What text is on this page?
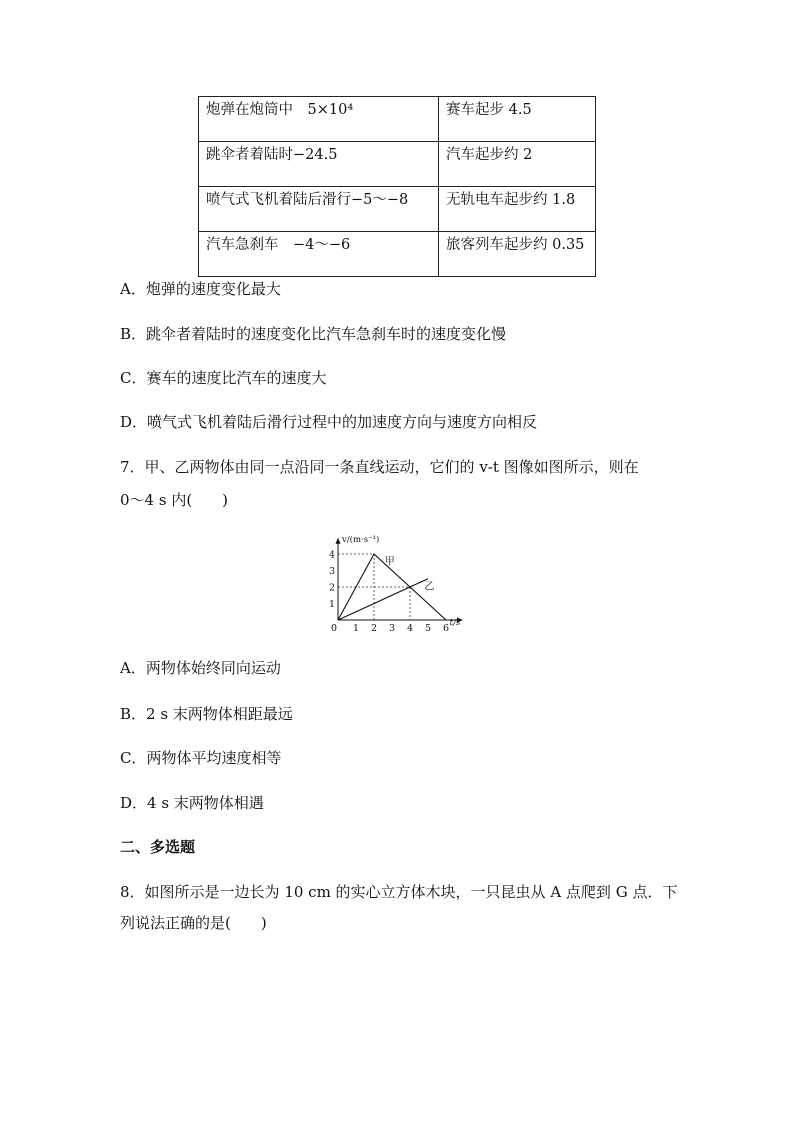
炮弹在炮筒中　5×10⁴	赛车起步 4.5
跳伞者着陆时−24.5	汽车起步约 2
喷气式飞机着陆后滑行−5～−8	无轨电车起步约 1.8
汽车急刹车　−4～−6	旅客列车起步约 0.35
A．炮弹的速度变化最大
B．跳伞者着陆时的速度变化比汽车急刹车时的速度变化慢
C．赛车的速度比汽车的速度大
D．喷气式飞机着陆后滑行过程中的加速度方向与速度方向相反
7．甲、乙两物体由同一点沿同一条直线运动，它们的 v-t 图像如图所示，则在
0～4 s 内(　　)
甲
乙
0 1 2 3 4 5 6
1
2
3
4
v/(m·s⁻¹)
t/s
A．两物体始终同向运动
B．2 s 末两物体相距最远
C．两物体平均速度相等
D．4 s 末两物体相遇
二、多选题
8．如图所示是一边长为 10 cm 的实心立方体木块，一只昆虫从 A 点爬到 G 点．下
列说法正确的是(　　)
